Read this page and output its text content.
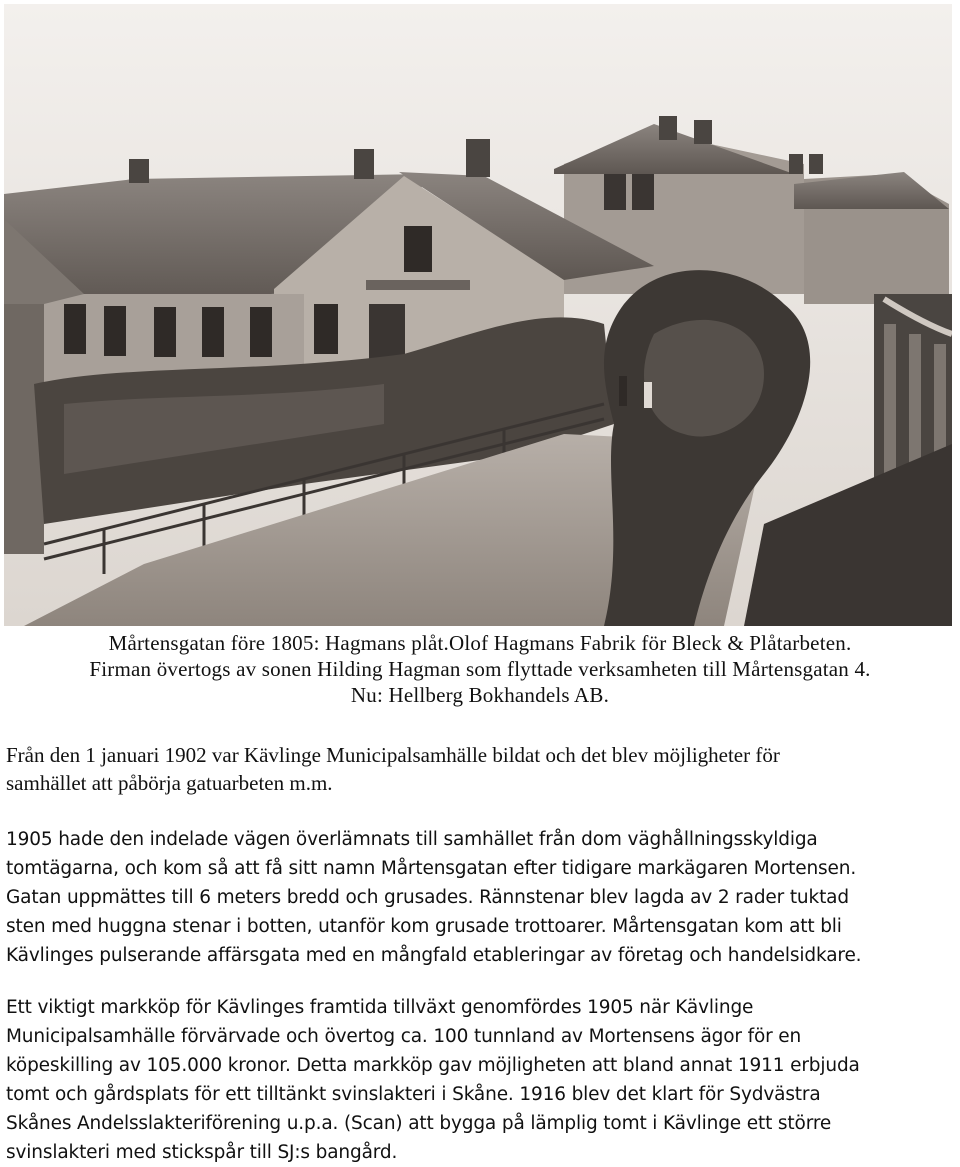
Mårtensgatan före 1805: Hagmans plåt.Olof Hagmans Fabrik för Bleck & Plåtarbeten.
Firman övertogs av sonen Hilding Hagman som flyttade verksamheten till Mårtensgatan 4.
Nu: Hellberg Bokhandels AB.
Från den 1 januari 1902 var Kävlinge Municipalsamhälle bildat och det blev möjligheter för
samhället att påbörja gatuarbeten m.m.
1905 hade den indelade vägen överlämnats till samhället från dom väghållningsskyldiga
tomtägarna, och kom så att få sitt namn Mårtensgatan efter tidigare markägaren Mortensen.
Gatan uppmättes till 6 meters bredd och grusades. Rännstenar blev lagda av 2 rader tuktad
sten med huggna stenar i botten, utanför kom grusade trottoarer. Mårtensgatan kom att bli
Kävlinges pulserande affärsgata med en mångfald etableringar av företag och handelsidkare.
Ett viktigt markköp för Kävlinges framtida tillväxt genomfördes 1905 när Kävlinge
Municipalsamhälle förvärvade och övertog ca. 100 tunnland av Mortensens ägor för en
köpeskilling av 105.000 kronor. Detta markköp gav möjligheten att bland annat 1911 erbjuda
tomt och gårdsplats för ett tilltänkt svinslakteri i Skåne. 1916 blev det klart för Sydvästra
Skånes Andelsslakteriförening u.p.a. (Scan) att bygga på lämplig tomt i Kävlinge ett större
svinslakteri med stickspår till SJ:s bangård.
